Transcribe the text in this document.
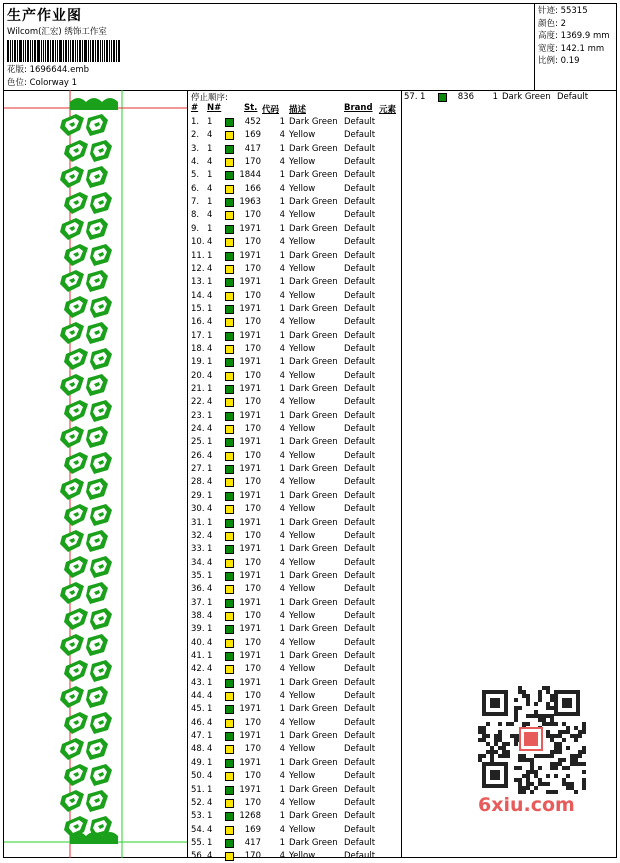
生产作业图
Wilcom(汇宏) 绣饰工作室
花版: 1696644.emb
色位: Colorway 1
针迹: 55315
颜色: 2
高度: 1369.9 mm
宽度: 142.1 mm
比例: 0.19
停止顺序:
# N#	St. 代码 描述	Brand 元素
1. 1	452	1 Dark Green Default
2. 4	169	4 Yellow	Default
3. 1	417	1 Dark Green Default
4. 4	170	4 Yellow	Default
5. 1	1844	1 Dark Green Default
6. 4	166	4 Yellow	Default
7. 1	1963	1 Dark Green Default
8. 4	170	4 Yellow	Default
9. 1	1971	1 Dark Green Default
10. 4	170	4 Yellow	Default
11. 1	1971	1 Dark Green Default
12. 4	170	4 Yellow	Default
13. 1	1971	1 Dark Green Default
14. 4	170	4 Yellow	Default
15. 1	1971	1 Dark Green Default
16. 4	170	4 Yellow	Default
17. 1	1971	1 Dark Green Default
18. 4	170	4 Yellow	Default
19. 1	1971	1 Dark Green Default
20. 4	170	4 Yellow	Default
21. 1	1971	1 Dark Green Default
22. 4	170	4 Yellow	Default
23. 1	1971	1 Dark Green Default
24. 4	170	4 Yellow	Default
25. 1	1971	1 Dark Green Default
26. 4	170	4 Yellow	Default
27. 1	1971	1 Dark Green Default
28. 4	170	4 Yellow	Default
29. 1	1971	1 Dark Green Default
30. 4	170	4 Yellow	Default
31. 1	1971	1 Dark Green Default
32. 4	170	4 Yellow	Default
33. 1	1971	1 Dark Green Default
34. 4	170	4 Yellow	Default
35. 1	1971	1 Dark Green Default
36. 4	170	4 Yellow	Default
37. 1	1971	1 Dark Green Default
38. 4	170	4 Yellow	Default
39. 1	1971	1 Dark Green Default
40. 4	170	4 Yellow	Default
41. 1	1971	1 Dark Green Default
42. 4	170	4 Yellow	Default
43. 1	1971	1 Dark Green Default
44. 4	170	4 Yellow	Default
45. 1	1971	1 Dark Green Default
46. 4	170	4 Yellow	Default
47. 1	1971	1 Dark Green Default
48. 4	170	4 Yellow	Default
49. 1	1971	1 Dark Green Default
50. 4	170	4 Yellow	Default
51. 1	1971	1 Dark Green Default
52. 4	170	4 Yellow	Default
53. 1	1268	1 Dark Green Default
54. 4	169	4 Yellow	Default
55. 1	417	1 Dark Green Default
56. 4	170	4 Yellow	Default
57. 1	836	1 Dark Green Default
6xiu.com
